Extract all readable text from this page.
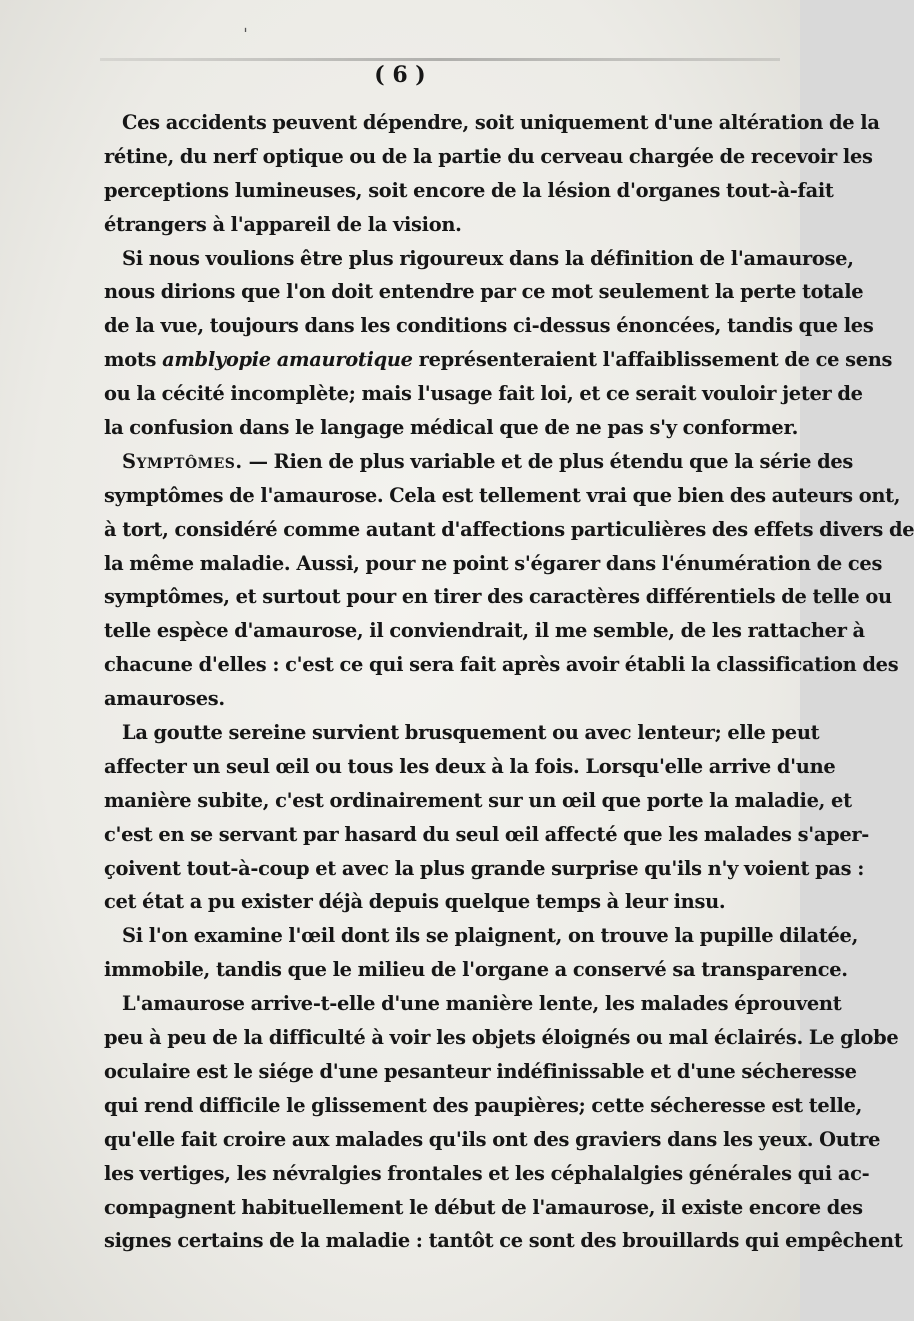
( 6 )
Ces accidents peuvent dépendre, soit uniquement d'une altération de la
rétine, du nerf optique ou de la partie du cerveau chargée de recevoir les
perceptions lumineuses, soit encore de la lésion d'organes tout-à-fait
étrangers à l'appareil de la vision.
Si nous voulions être plus rigoureux dans la définition de l'amaurose,
nous dirions que l'on doit entendre par ce mot seulement la perte totale
de la vue, toujours dans les conditions ci-dessus énoncées, tandis que les
mots amblyopie amaurotique représenteraient l'affaiblissement de ce sens
ou la cécité incomplète; mais l'usage fait loi, et ce serait vouloir jeter de
la confusion dans le langage médical que de ne pas s'y conformer.
Symptômes. — Rien de plus variable et de plus étendu que la série des
symptômes de l'amaurose. Cela est tellement vrai que bien des auteurs ont,
à tort, considéré comme autant d'affections particulières des effets divers de
la même maladie. Aussi, pour ne point s'égarer dans l'énumération de ces
symptômes, et surtout pour en tirer des caractères différentiels de telle ou
telle espèce d'amaurose, il conviendrait, il me semble, de les rattacher à
chacune d'elles : c'est ce qui sera fait après avoir établi la classification des
amauroses.
La goutte sereine survient brusquement ou avec lenteur; elle peut
affecter un seul œil ou tous les deux à la fois. Lorsqu'elle arrive d'une
manière subite, c'est ordinairement sur un œil que porte la maladie, et
c'est en se servant par hasard du seul œil affecté que les malades s'aper-
çoivent tout-à-coup et avec la plus grande surprise qu'ils n'y voient pas :
cet état a pu exister déjà depuis quelque temps à leur insu.
Si l'on examine l'œil dont ils se plaignent, on trouve la pupille dilatée,
immobile, tandis que le milieu de l'organe a conservé sa transparence.
L'amaurose arrive-t-elle d'une manière lente, les malades éprouvent
peu à peu de la difficulté à voir les objets éloignés ou mal éclairés. Le globe
oculaire est le siége d'une pesanteur indéfinissable et d'une sécheresse
qui rend difficile le glissement des paupières; cette sécheresse est telle,
qu'elle fait croire aux malades qu'ils ont des graviers dans les yeux. Outre
les vertiges, les névralgies frontales et les céphalalgies générales qui ac-
compagnent habituellement le début de l'amaurose, il existe encore des
signes certains de la maladie : tantôt ce sont des brouillards qui empêchent
ˌ
